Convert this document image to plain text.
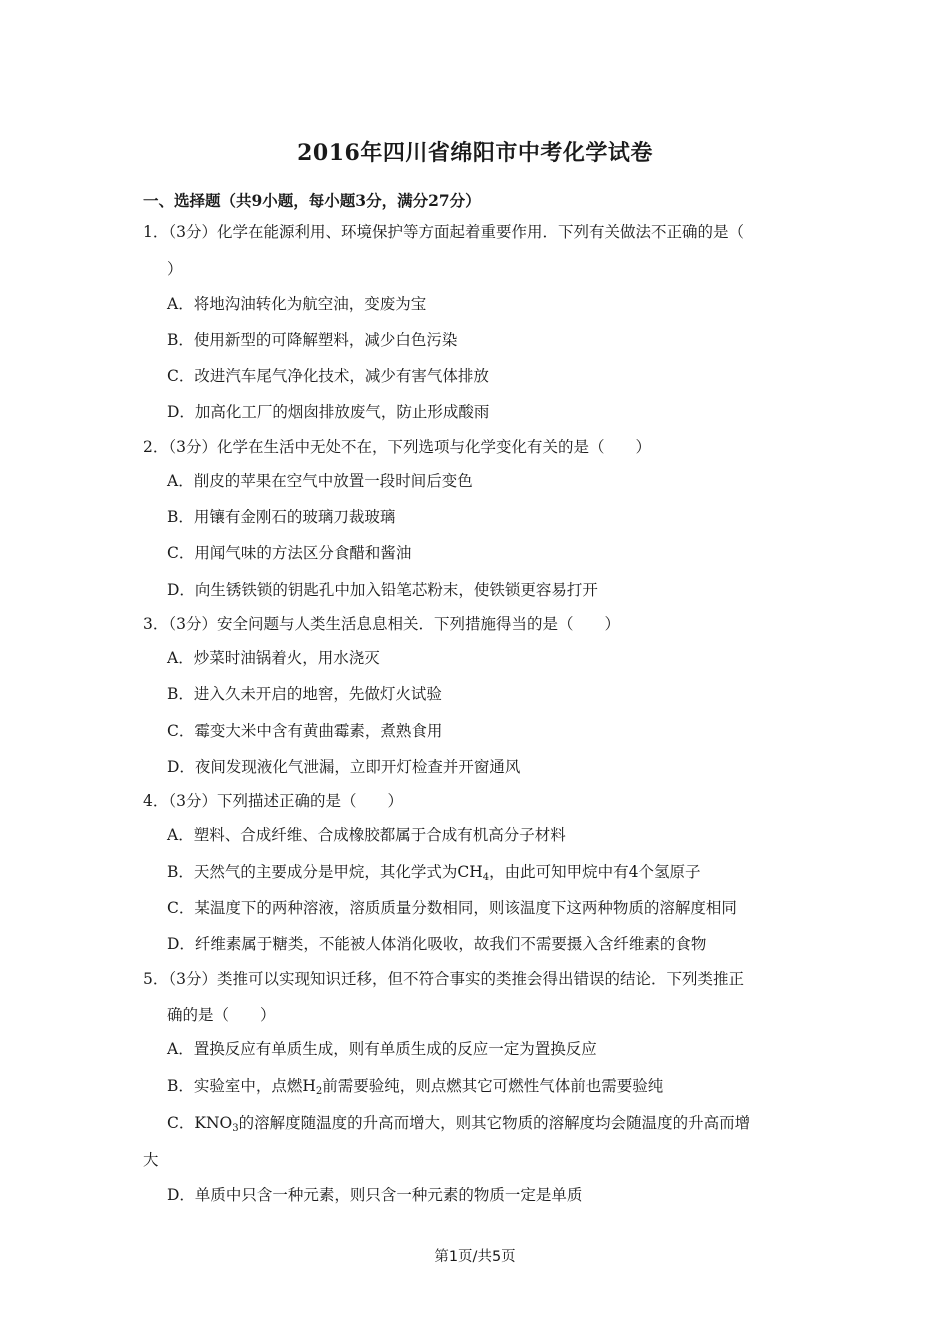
2016年四川省绵阳市中考化学试卷
一、选择题（共9小题，每小题3分，满分27分）
1．（3分）化学在能源利用、环境保护等方面起着重要作用．下列有关做法不正确的是（
）
A．将地沟油转化为航空油，变废为宝
B．使用新型的可降解塑料，减少白色污染
C．改进汽车尾气净化技术，减少有害气体排放
D．加高化工厂的烟囱排放废气，防止形成酸雨
2．（3分）化学在生活中无处不在，下列选项与化学变化有关的是（　　）
A．削皮的苹果在空气中放置一段时间后变色
B．用镶有金刚石的玻璃刀裁玻璃
C．用闻气味的方法区分食醋和酱油
D．向生锈铁锁的钥匙孔中加入铅笔芯粉末，使铁锁更容易打开
3．（3分）安全问题与人类生活息息相关．下列措施得当的是（　　）
A．炒菜时油锅着火，用水浇灭
B．进入久未开启的地窖，先做灯火试验
C．霉变大米中含有黄曲霉素，煮熟食用
D．夜间发现液化气泄漏，立即开灯检查并开窗通风
4．（3分）下列描述正确的是（　　）
A．塑料、合成纤维、合成橡胶都属于合成有机高分子材料
B．天然气的主要成分是甲烷，其化学式为$CH_4$，由此可知甲烷中有4个氢原子
C．某温度下的两种溶液，溶质质量分数相同，则该温度下这两种物质的溶解度相同
D．纤维素属于糖类，不能被人体消化吸收，故我们不需要摄入含纤维素的食物
5．（3分）类推可以实现知识迁移，但不符合事实的类推会得出错误的结论．下列类推正
确的是（　　）
A．置换反应有单质生成，则有单质生成的反应一定为置换反应
B．实验室中，点燃$H_2$前需要验纯，则点燃其它可燃性气体前也需要验纯
C．$KNO_3$的溶解度随温度的升高而增大，则其它物质的溶解度均会随温度的升高而增
大
D．单质中只含一种元素，则只含一种元素的物质一定是单质
第1页/共5页
